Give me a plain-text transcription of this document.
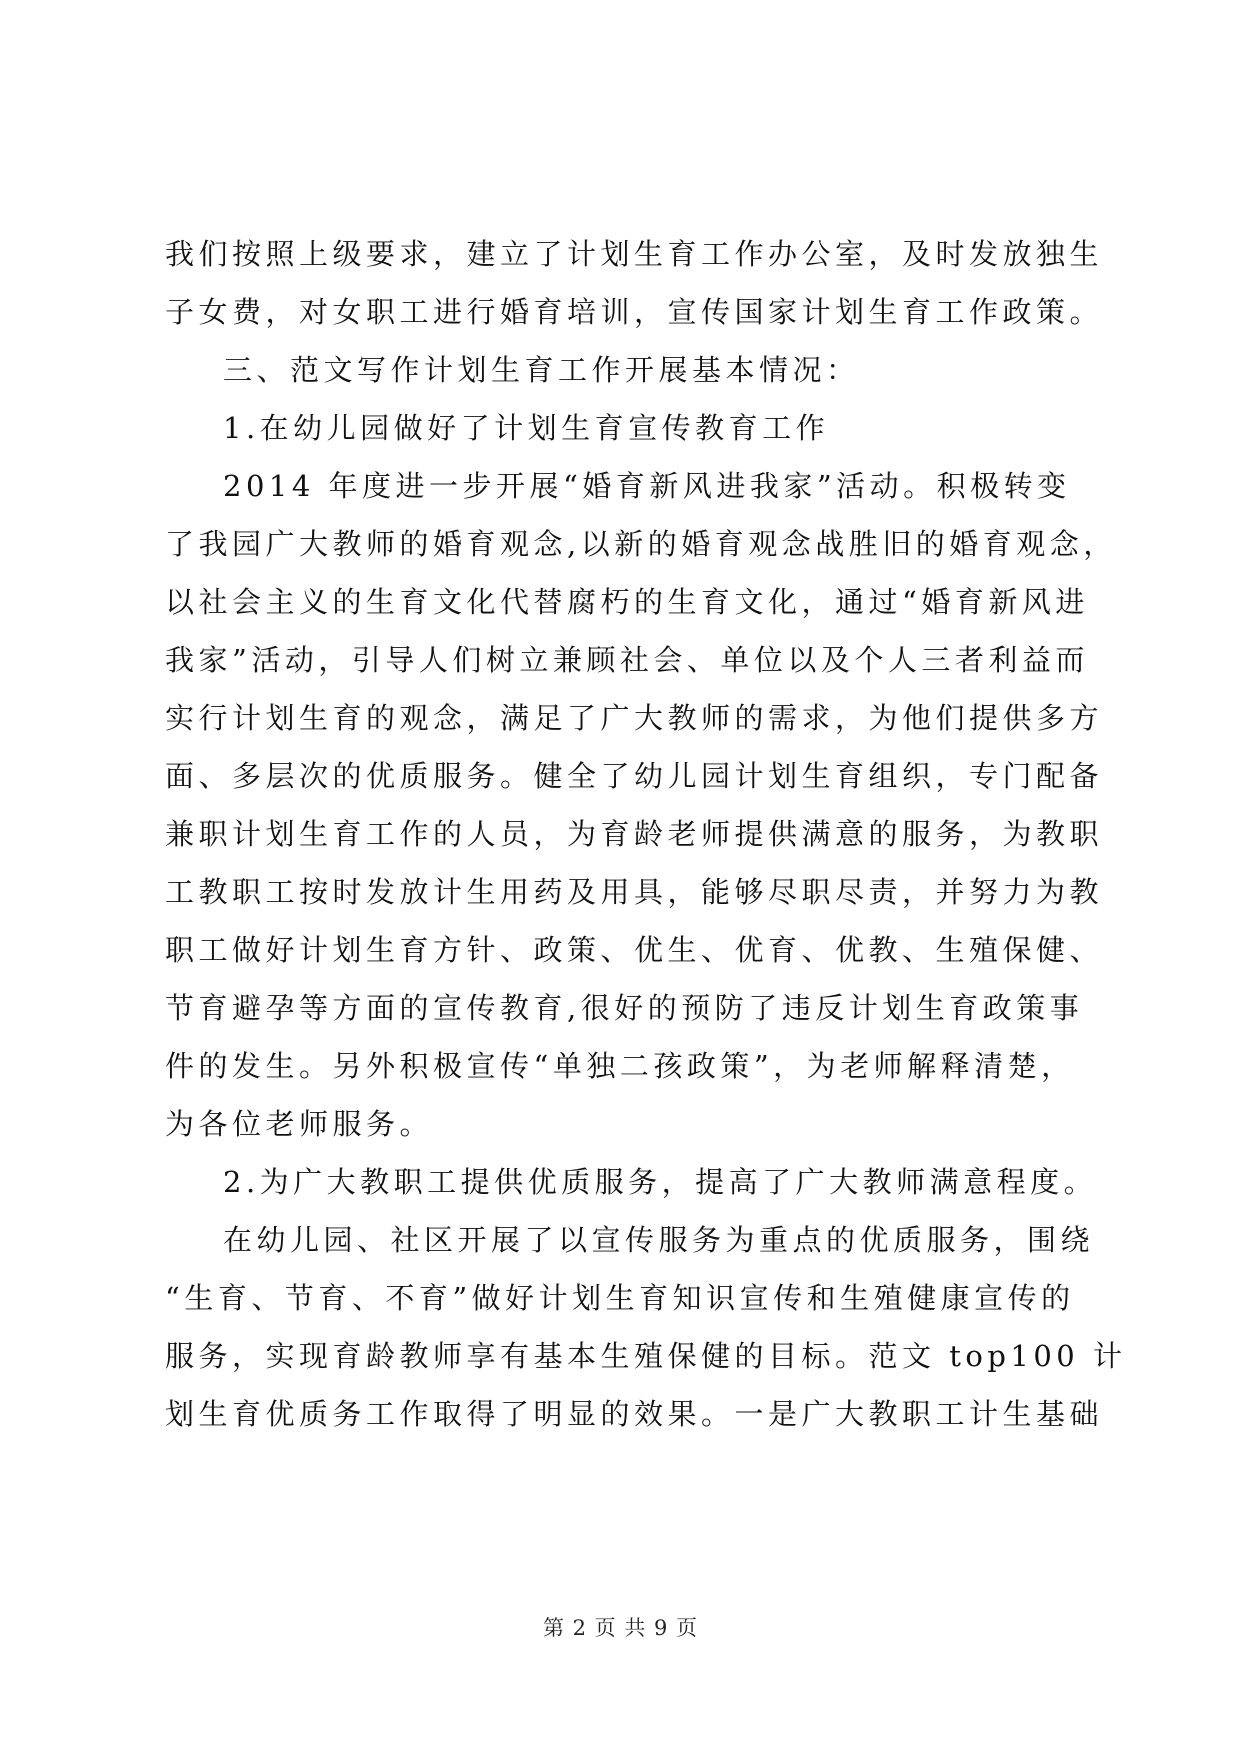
我们按照上级要求，建立了计划生育工作办公室，及时发放独生
子女费，对女职工进行婚育培训，宣传国家计划生育工作政策。
三、范文写作计划生育工作开展基本情况：
1.在幼儿园做好了计划生育宣传教育工作
2014 年度进一步开展“婚育新风进我家”活动。积极转变
了我园广大教师的婚育观念,以新的婚育观念战胜旧的婚育观念，
以社会主义的生育文化代替腐朽的生育文化，通过“婚育新风进
我家”活动，引导人们树立兼顾社会、单位以及个人三者利益而
实行计划生育的观念，满足了广大教师的需求，为他们提供多方
面、多层次的优质服务。健全了幼儿园计划生育组织，专门配备
兼职计划生育工作的人员，为育龄老师提供满意的服务，为教职
工教职工按时发放计生用药及用具，能够尽职尽责，并努力为教
职工做好计划生育方针、政策、优生、优育、优教、生殖保健、
节育避孕等方面的宣传教育,很好的预防了违反计划生育政策事
件的发生。另外积极宣传“单独二孩政策”，为老师解释清楚，
为各位老师服务。
2.为广大教职工提供优质服务，提高了广大教师满意程度。
在幼儿园、社区开展了以宣传服务为重点的优质服务，围绕
“生育、节育、不育”做好计划生育知识宣传和生殖健康宣传的
服务，实现育龄教师享有基本生殖保健的目标。范文 top100 计
划生育优质务工作取得了明显的效果。一是广大教职工计生基础
第 2 页 共 9 页
